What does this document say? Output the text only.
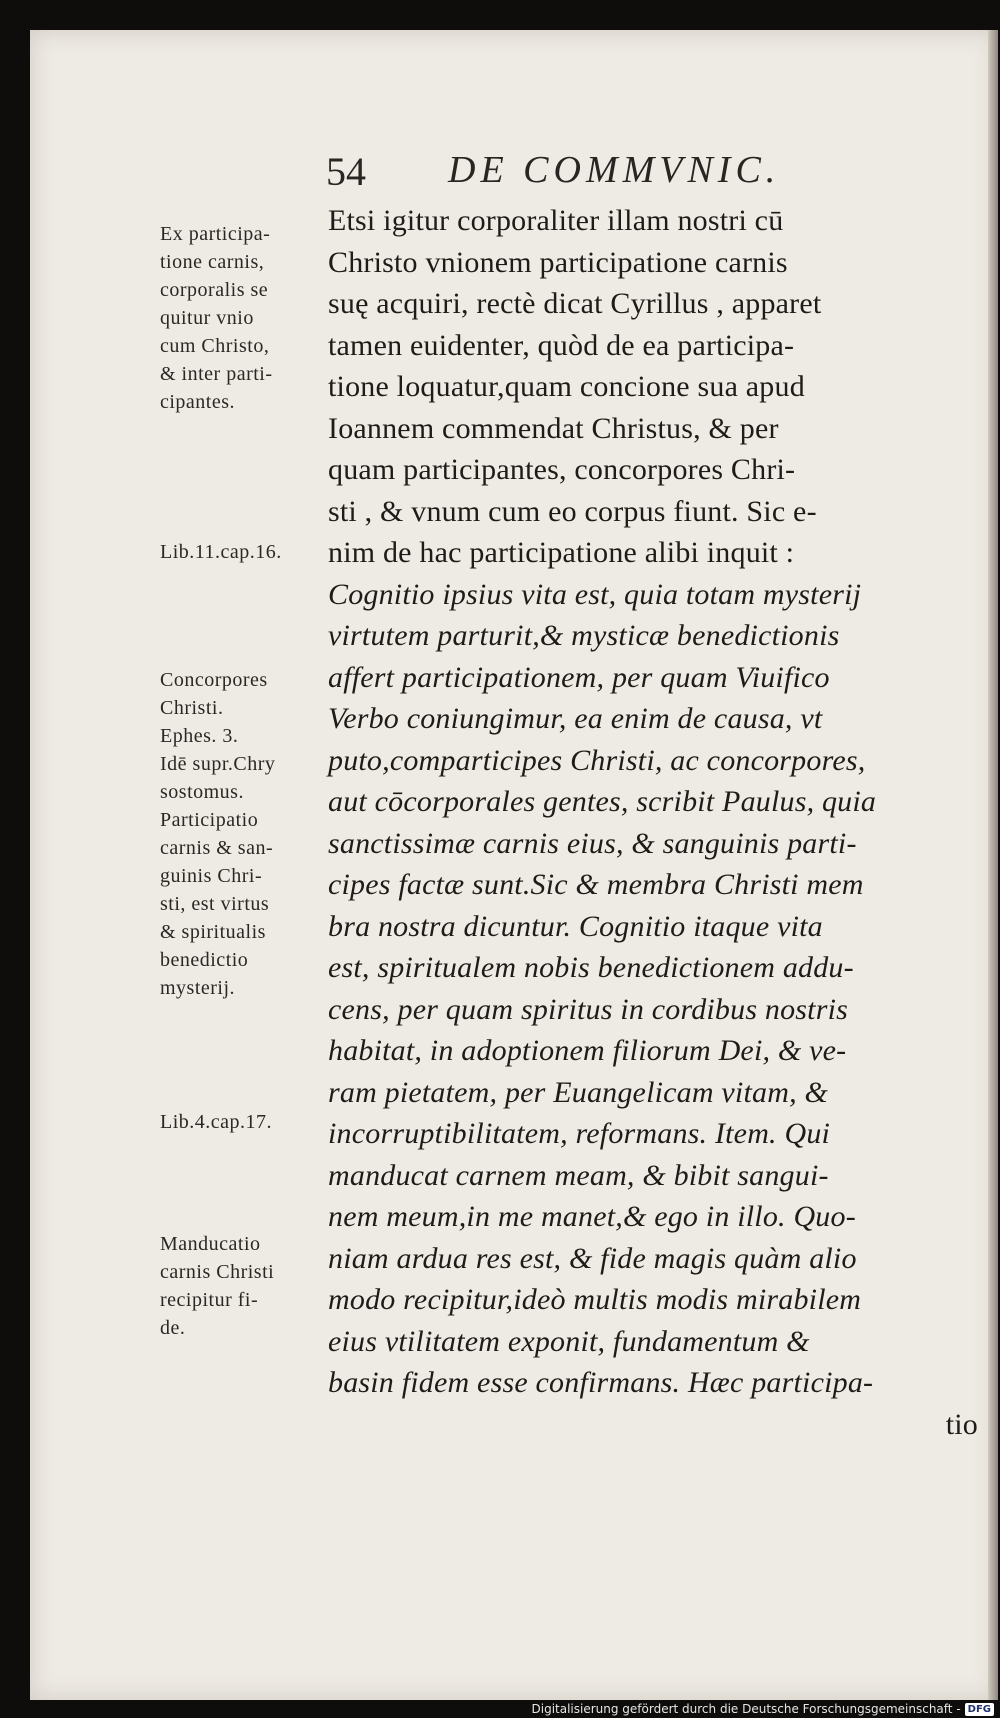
54 DE COMMVNIC.
Ex participa-
tione carnis,
corporalis se
quitur vnio
cum Christo,
& inter parti-
cipantes.
Lib.11.cap.16.
Concorpores
Christi.
Ephes. 3.
Idē supr.Chry
sostomus.
Participatio
carnis & san-
guinis Chri-
sti, est virtus
& spiritualis
benedictio
mysterij.
Lib.4.cap.17.
Manducatio
carnis Christi
recipitur fi-
de.
Etsi igitur corporaliter illam nostri cū
Christo vnionem participatione carnis
suę acquiri, rectè dicat Cyrillus , apparet
tamen euidenter, quòd de ea participa-
tione loquatur,quam concione sua apud
Ioannem commendat Christus, & per
quam participantes, concorpores Chri-
sti , & vnum cum eo corpus fiunt. Sic e-
nim de hac participatione alibi inquit :
Cognitio ipsius vita est, quia totam mysterij
virtutem parturit,& mysticæ benedictionis
affert participationem, per quam Viuifico
Verbo coniungimur, ea enim de causa, vt
puto,comparticipes Christi, ac concorpores,
aut cōcorporales gentes, scribit Paulus, quia
sanctissimæ carnis eius, & sanguinis parti-
cipes factæ sunt.Sic & membra Christi mem
bra nostra dicuntur. Cognitio itaque vita
est, spiritualem nobis benedictionem addu-
cens, per quam spiritus in cordibus nostris
habitat, in adoptionem filiorum Dei, & ve-
ram pietatem, per Euangelicam vitam, &
incorruptibilitatem, reformans. Item. Qui
manducat carnem meam, & bibit sangui-
nem meum,in me manet,& ego in illo. Quo-
niam ardua res est, & fide magis quàm alio
modo recipitur,ideò multis modis mirabilem
eius vtilitatem exponit, fundamentum &
basin fidem esse confirmans. Hæc participa-
tio
Digitalisierung gefördert durch die Deutsche Forschungsgemeinschaft - DFG
